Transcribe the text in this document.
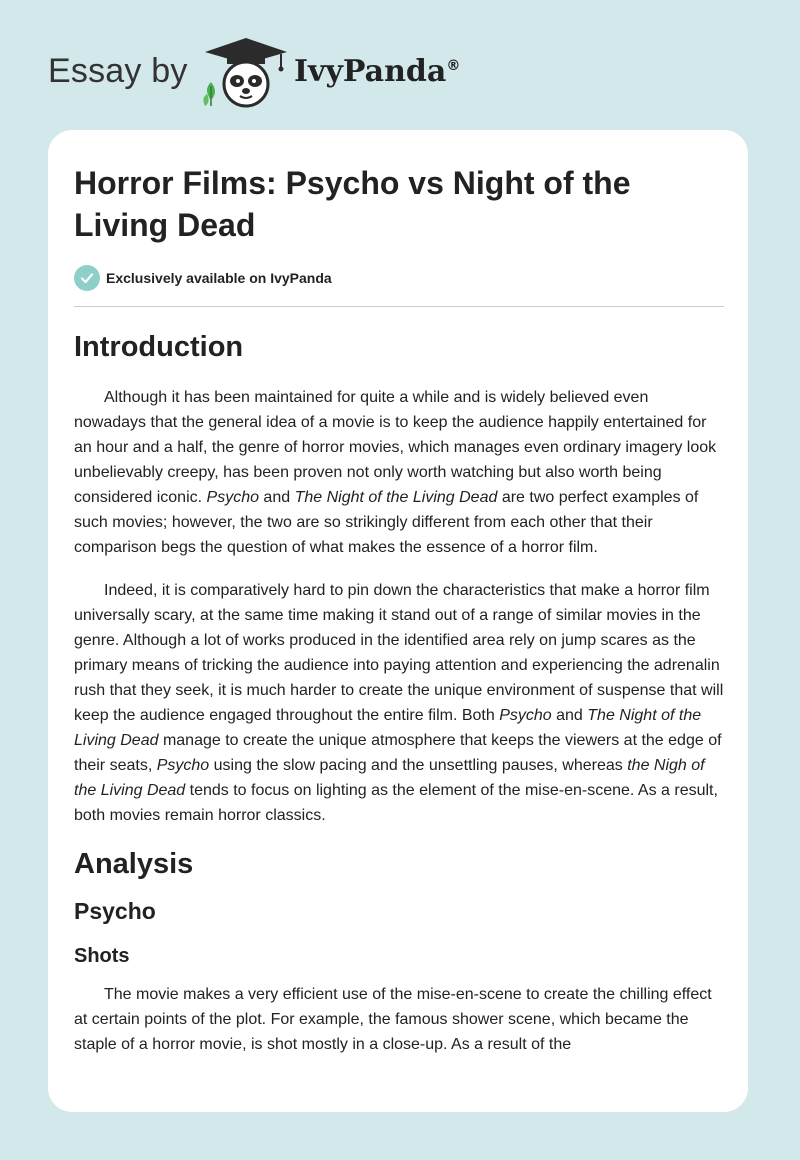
Essay by	IvyPanda®
Horror Films: Psycho vs Night of the Living Dead
Exclusively available on IvyPanda
Introduction

Although it has been maintained for quite a while and is widely believed even nowadays that the general idea of a movie is to keep the audience happily entertained for an hour and a half, the genre of horror movies, which manages even ordinary imagery look unbelievably creepy, has been proven not only worth watching but also worth being considered iconic. Psycho and The Night of the Living Dead are two perfect examples of such movies; however, the two are so strikingly different from each other that their comparison begs the question of what makes the essence of a horror film.

Indeed, it is comparatively hard to pin down the characteristics that make a horror film universally scary, at the same time making it stand out of a range of similar movies in the genre. Although a lot of works produced in the identified area rely on jump scares as the primary means of tricking the audience into paying attention and experiencing the adrenalin rush that they seek, it is much harder to create the unique environment of suspense that will keep the audience engaged throughout the entire film. Both Psycho and The Night of the Living Dead manage to create the unique atmosphere that keeps the viewers at the edge of their seats, Psycho using the slow pacing and the unsettling pauses, whereas the Nigh of the Living Dead tends to focus on lighting as the element of the mise-en-scene. As a result, both movies remain horror classics.

Analysis
Psycho
Shots

The movie makes a very efficient use of the mise-en-scene to create the chilling effect at certain points of the plot. For example, the famous shower scene, which became the staple of a horror movie, is shot mostly in a close-up. As a result of the
